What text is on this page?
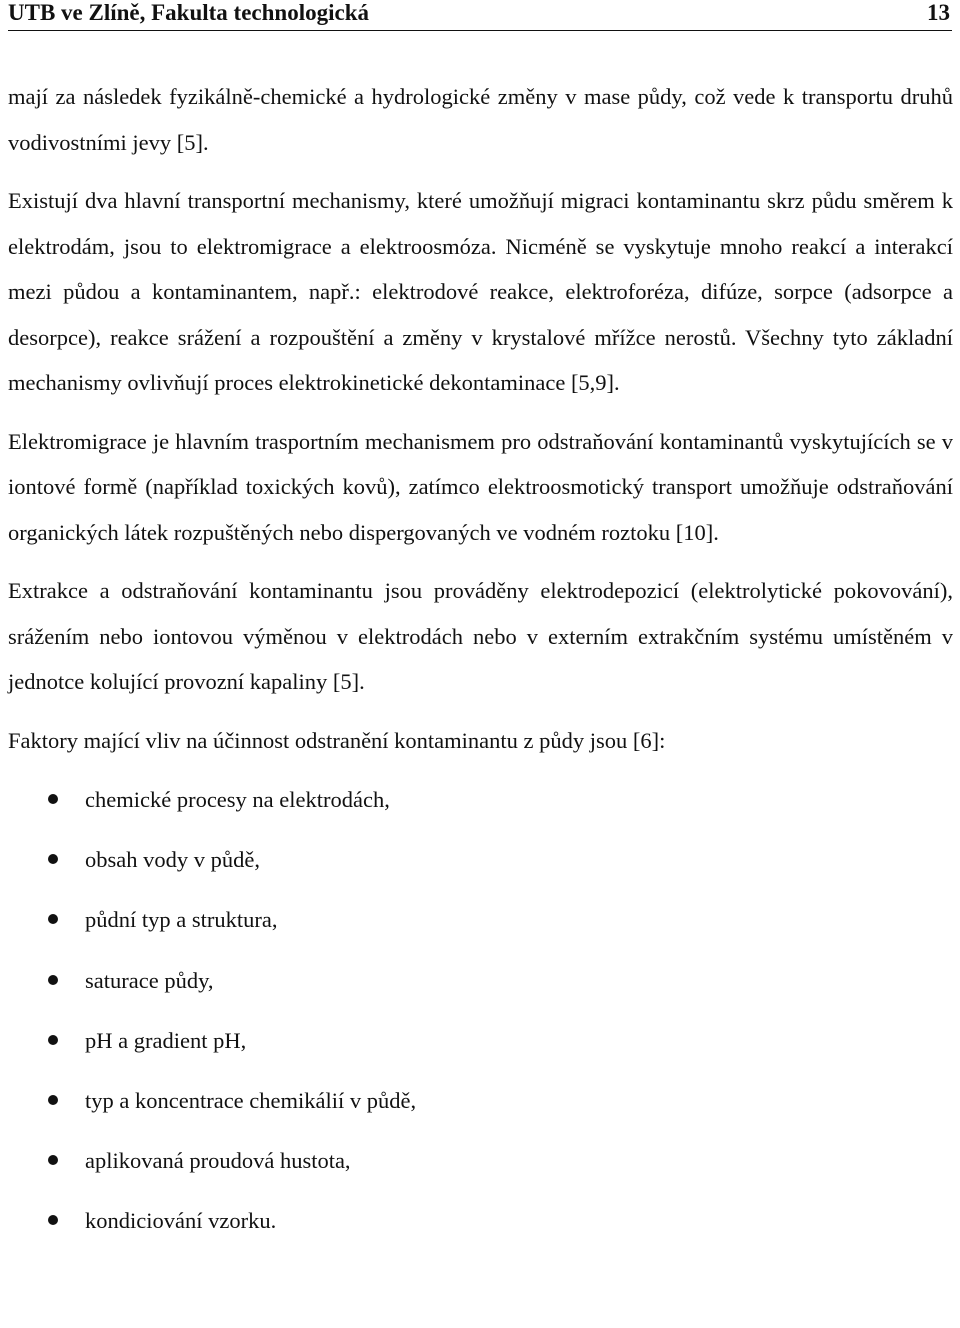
UTB ve Zlíně, Fakulta technologická	13

mají za následek fyzikálně-chemické a hydrologické změny v mase půdy, což vede k transportu druhů vodivostními jevy [5].

Existují dva hlavní transportní mechanismy, které umožňují migraci kontaminantu skrz půdu směrem k elektrodám, jsou to elektromigrace a elektroosmóza. Nicméně se vyskytuje mnoho reakcí a interakcí mezi půdou a kontaminantem, např.: elektrodové reakce, elektroforéza, difúze, sorpce (adsorpce a desorpce), reakce srážení a rozpouštění a změny v krystalové mřížce nerostů. Všechny tyto základní mechanismy ovlivňují proces elektrokinetické dekontaminace [5,9].

Elektromigrace je hlavním trasportním mechanismem pro odstraňování kontaminantů vyskytujících se v iontové formě (například toxických kovů), zatímco elektroosmotický transport umožňuje odstraňování organických látek rozpuštěných nebo dispergovaných ve vodném roztoku [10].

Extrakce a odstraňování kontaminantu jsou prováděny elektrodepozicí (elektrolytické pokovování), srážením nebo iontovou výměnou v elektrodách nebo v externím extrakčním systému umístěném v jednotce kolující provozní kapaliny [5].

Faktory mající vliv na účinnost odstranění kontaminantu z půdy jsou [6]:

chemické procesy na elektrodách,
obsah vody v půdě,
půdní typ a struktura,
saturace půdy,
pH a gradient pH,
typ a koncentrace chemikálií v půdě,
aplikovaná proudová hustota,
kondiciování vzorku.
